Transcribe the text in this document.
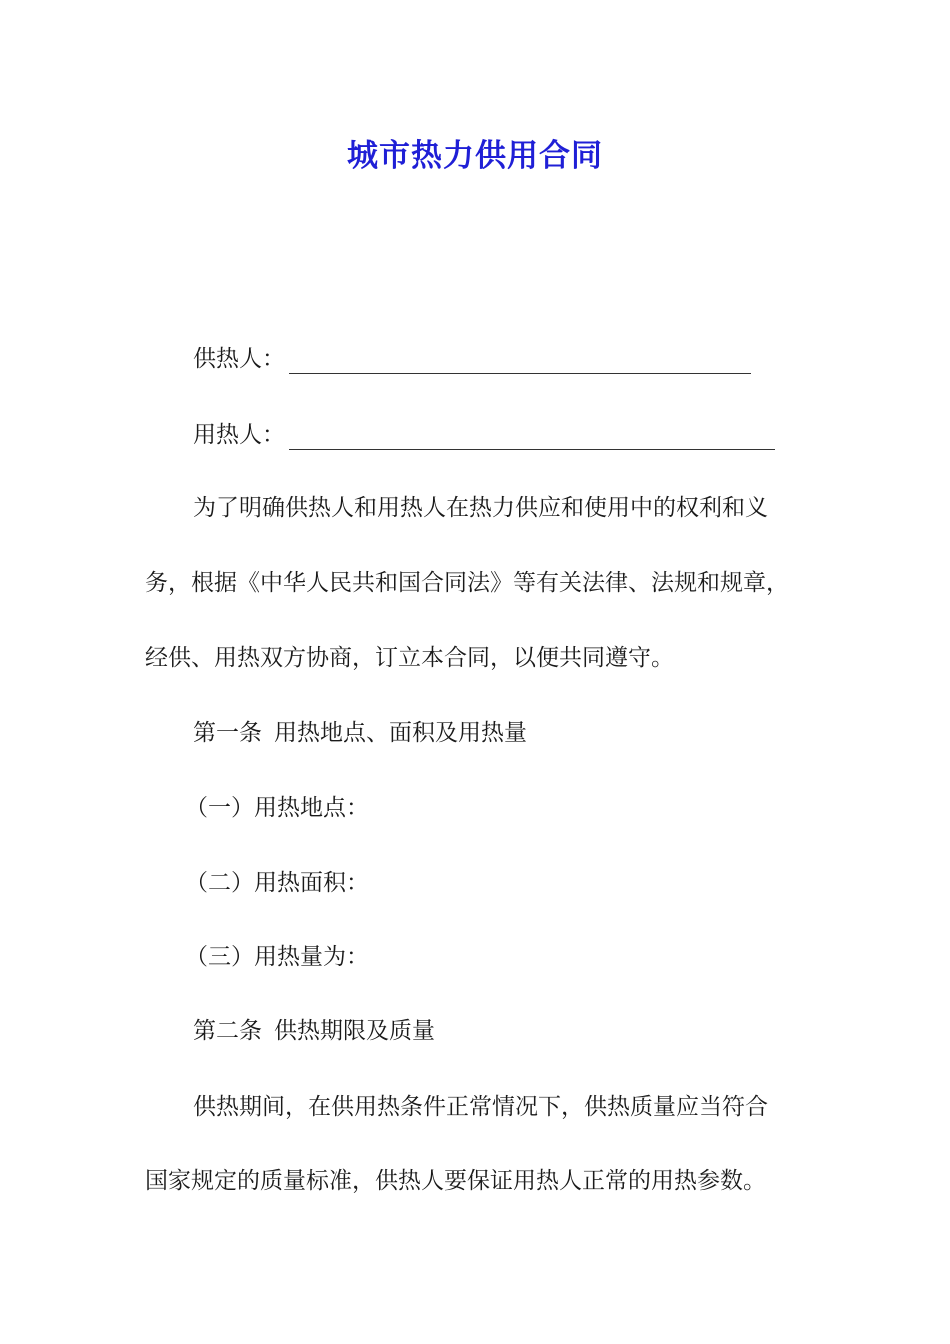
城市热力供用合同
供热人：
用热人：
为了明确供热人和用热人在热力供应和使用中的权利和义
务，根据《中华人民共和国合同法》等有关法律、法规和规章，
经供、用热双方协商，订立本合同，以便共同遵守。
第一条 用热地点、面积及用热量
（一）用热地点：
（二）用热面积：
（三）用热量为：
第二条 供热期限及质量
供热期间，在供用热条件正常情况下，供热质量应当符合
国家规定的质量标准，供热人要保证用热人正常的用热参数。
